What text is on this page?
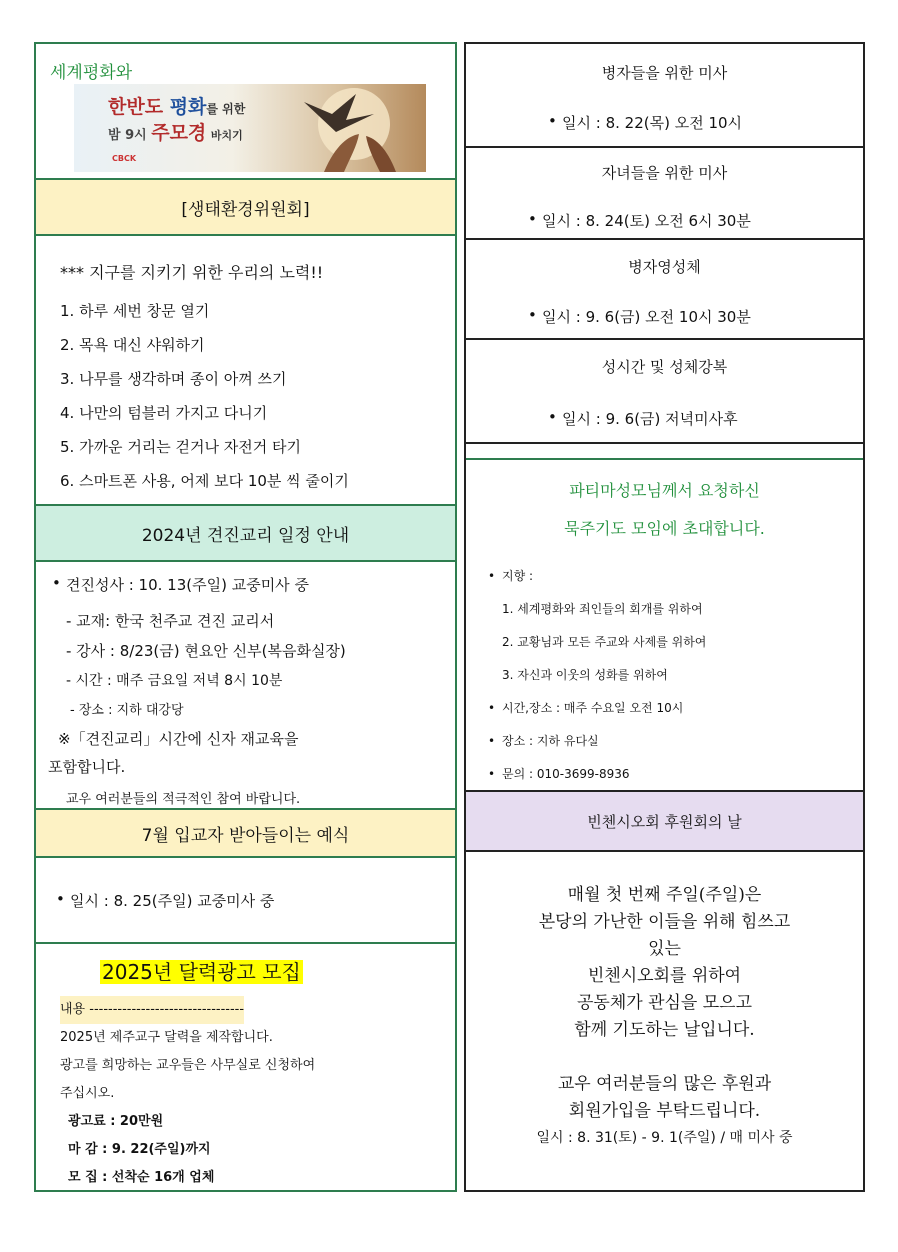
세계평화와

한반도 평화를 위한
밤 9시 주모경 바치기
CBCK
[생태환경위원회]

*** 지구를 지키기 위한 우리의 노력!!

1. 하루 세번 창문 열기
2. 목욕 대신 샤워하기
3. 나무를 생각하며 종이 아껴 쓰기
4. 나만의 텀블러 가지고 다니기
5. 가까운 거리는 걷거나 자전거 타기
6. 스마트폰 사용, 어제 보다 10분 씩 줄이기
2024년 견진교리 일정 안내

• 견진성사 : 10. 13(주일) 교중미사 중

- 교재: 한국 천주교 견진 교리서

- 강사 : 8/23(금) 현요안 신부(복음화실장)

- 시간 : 매주 금요일 저녁 8시 10분

- 장소 : 지하 대강당

※「견진교리」시간에 신자 재교육을

포함합니다.

교우 여러분들의 적극적인 참여 바랍니다.

7월 입교자 받아들이는 예식

• 일시 : 8. 25(주일) 교중미사 중

2025년 달력광고 모집

내용 ---------------------------------

2025년 제주교구 달력을 제작합니다.

광고를 희망하는 교우들은 사무실로 신청하여

주십시오.

광고료 : 20만원

마 감 : 9. 22(주일)까지

모 집 : 선착순 16개 업체

병자들을 위한 미사

• 일시 : 8. 22(목) 오전 10시

자녀들을 위한 미사

• 일시 : 8. 24(토) 오전 6시 30분

병자영성체

• 일시 : 9. 6(금) 오전 10시 30분

성시간 및 성체강복

• 일시 : 9. 6(금) 저녁미사후

파티마성모님께서 요청하신

묵주기도 모임에 초대합니다.

• 지향 :

1. 세계평화와 죄인들의 회개를 위하여

2. 교황님과 모든 주교와 사제를 위하여

3. 자신과 이웃의 성화를 위하여

• 시간,장소 : 매주 수요일 오전 10시

• 장소 : 지하 유다실

• 문의 : 010-3699-8936

빈첸시오회 후원회의 날

매월 첫 번째 주일(주일)은

본당의 가난한 이들을 위해 힘쓰고

있는

빈첸시오회를 위하여

공동체가 관심을 모으고

함께 기도하는 날입니다.

교우 여러분들의 많은 후원과

회원가입을 부탁드립니다.

일시 : 8. 31(토) - 9. 1(주일) / 매 미사 중
